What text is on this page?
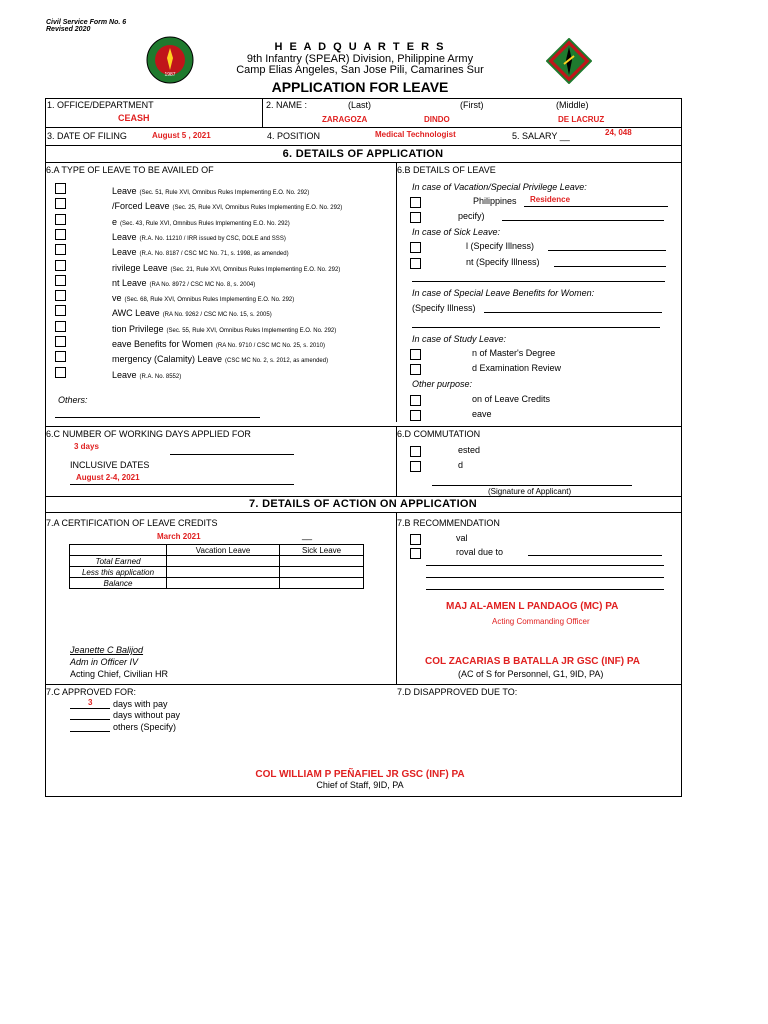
Civil Service Form No. 6
Revised 2020
1987
H E A D Q U A R T E R S
9th Infantry (SPEAR) Division, Philippine Army
Camp Elias Angeles, San Jose Pili, Camarines Sur
APPLICATION FOR LEAVE
1. OFFICE/DEPARTMENT
CEASH
2. NAME :	(Last)	(First)	(Middle)
ZARAGOZA	DINDO	DE LACRUZ
3. DATE OF FILING	August 5 , 2021	4. POSITION	Medical Technologist	5. SALARY __	24, 048
6. DETAILS OF APPLICATION
6.A TYPE OF LEAVE TO BE AVAILED OF	6.B DETAILS OF LEAVE
Leave (Sec. 51, Rule XVI, Omnibus Rules Implementing E.O. No. 292)
/Forced Leave (Sec. 25, Rule XVI, Omnibus Rules Implementing E.O. No. 292)
e (Sec. 43, Rule XVI, Omnibus Rules Implementing E.O. No. 292)
Leave (R.A. No. 11210 / IRR issued by CSC, DOLE and SSS)
Leave (R.A. No. 8187 / CSC MC No. 71, s. 1998, as amended)
rivilege Leave (Sec. 21, Rule XVI, Omnibus Rules Implementing E.O. No. 292)
nt Leave (RA No. 8972 / CSC MC No. 8, s. 2004)
ve (Sec. 68, Rule XVI, Omnibus Rules Implementing E.O. No. 292)
AWC Leave (RA No. 9262 / CSC MC No. 15, s. 2005)
tion Privilege (Sec. 55, Rule XVI, Omnibus Rules Implementing E.O. No. 292)
eave Benefits for Women (RA No. 9710 / CSC MC No. 25, s. 2010)
mergency (Calamity) Leave (CSC MC No. 2, s. 2012, as amended)
Leave (R.A. No. 8552)
Others:
In case of Vacation/Special Privilege Leave:
Philippines Residence
pecify)
In case of Sick Leave:
l (Specify Illness)
nt (Specify Illness)
In case of Special Leave Benefits for Women:
(Specify Illness)
In case of Study Leave:
n of Master's Degree
d Examination Review
Other purpose:
on of Leave Credits
eave
6.C NUMBER OF WORKING DAYS APPLIED FOR
3 days
INCLUSIVE DATES
August 2-4, 2021
6.D COMMUTATION
ested
d
(Signature of Applicant)
7. DETAILS OF ACTION ON APPLICATION
7.A CERTIFICATION OF LEAVE CREDITS
March 2021	__
	Vacation Leave	Sick Leave
Total Earned		
Less this application		
Balance		
Jeanette C Balijod
Adm in Officer IV
Acting Chief, Civilian HR
7.B RECOMMENDATION
val
roval due to
MAJ AL-AMEN L PANDAOG (MC) PA
Acting Commanding Officer
COL ZACARIAS B BATALLA JR GSC (INF) PA
(AC of S for Personnel, G1, 9ID, PA)
7.C APPROVED FOR:
3 days with pay
days without pay
others (Specify)
7.D DISAPPROVED DUE TO:
COL WILLIAM P PEÑAFIEL JR GSC (INF) PA
Chief of Staff, 9ID, PA
